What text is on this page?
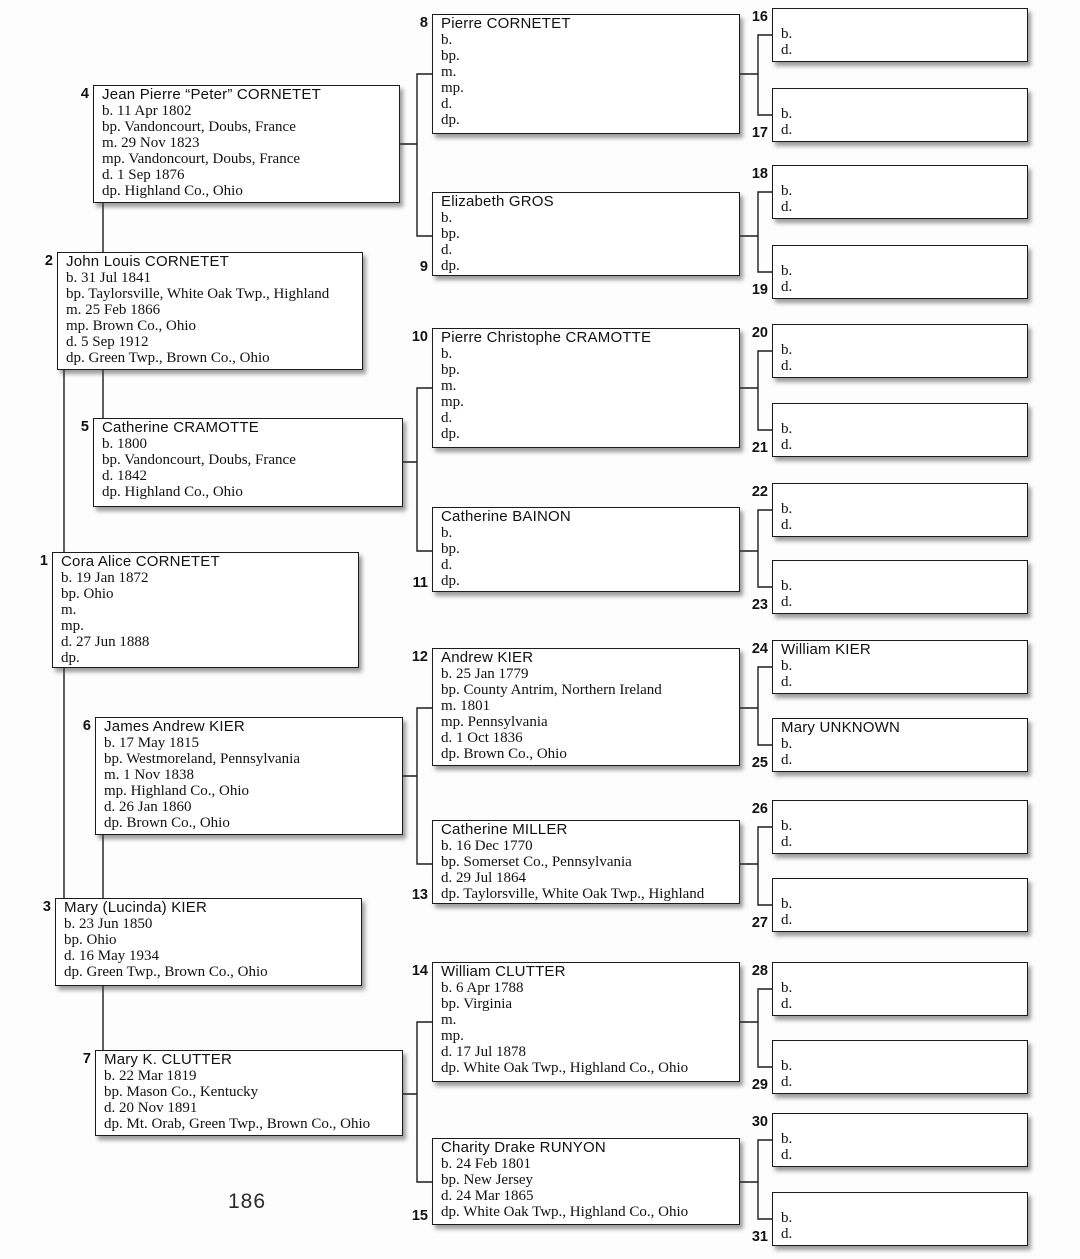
4 Jean Pierre “Peter” CORNETET
b. 11 Apr 1802
bp. Vandoncourt, Doubs, France
m. 29 Nov 1823
mp. Vandoncourt, Doubs, France
d. 1 Sep 1876
dp. Highland Co., Ohio
2 John Louis CORNETET
b. 31 Jul 1841
bp. Taylorsville, White Oak Twp., Highland
m. 25 Feb 1866
mp. Brown Co., Ohio
d. 5 Sep 1912
dp. Green Twp., Brown Co., Ohio
5 Catherine CRAMOTTE
b. 1800
bp. Vandoncourt, Doubs, France
d. 1842
dp. Highland Co., Ohio
1 Cora Alice CORNETET
b. 19 Jan 1872
bp. Ohio
m.
mp.
d. 27 Jun 1888
dp.
6 James Andrew KIER
b. 17 May 1815
bp. Westmoreland, Pennsylvania
m. 1 Nov 1838
mp. Highland Co., Ohio
d. 26 Jan 1860
dp. Brown Co., Ohio
3 Mary (Lucinda) KIER
b. 23 Jun 1850
bp. Ohio
d. 16 May 1934
dp. Green Twp., Brown Co., Ohio
7 Mary K. CLUTTER
b. 22 Mar 1819
bp. Mason Co., Kentucky
d. 20 Nov 1891
dp. Mt. Orab, Green Twp., Brown Co., Ohio
8 Pierre CORNETET
b.
bp.
m.
mp.
d.
dp.
9
Elizabeth GROS
b.
bp.
d.
dp.
10 Pierre Christophe CRAMOTTE
b.
bp.
m.
mp.
d.
dp.
11
Catherine BAINON
b.
bp.
d.
dp.
12 Andrew KIER
b. 25 Jan 1779
bp. County Antrim, Northern Ireland
m. 1801
mp. Pennsylvania
d. 1 Oct 1836
dp. Brown Co., Ohio
13
Catherine MILLER
b. 16 Dec 1770
bp. Somerset Co., Pennsylvania
d. 29 Jul 1864
dp. Taylorsville, White Oak Twp., Highland
14 William CLUTTER
b. 6 Apr 1788
bp. Virginia
m.
mp.
d. 17 Jul 1878
dp. White Oak Twp., Highland Co., Ohio
15
Charity Drake RUNYON
b. 24 Feb 1801
bp. New Jersey
d. 24 Mar 1865
dp. White Oak Twp., Highland Co., Ohio
16
b.
d.
17
b.
d.
18
b.
d.
19
b.
d.
20
b.
d.
21
b.
d.
22
b.
d.
23
b.
d.
24 William KIER
b.
d.
25
Mary UNKNOWN
b.
d.
26
b.
d.
27
b.
d.
28
b.
d.
29
b.
d.
30
b.
d.
31
b.
d.
186
